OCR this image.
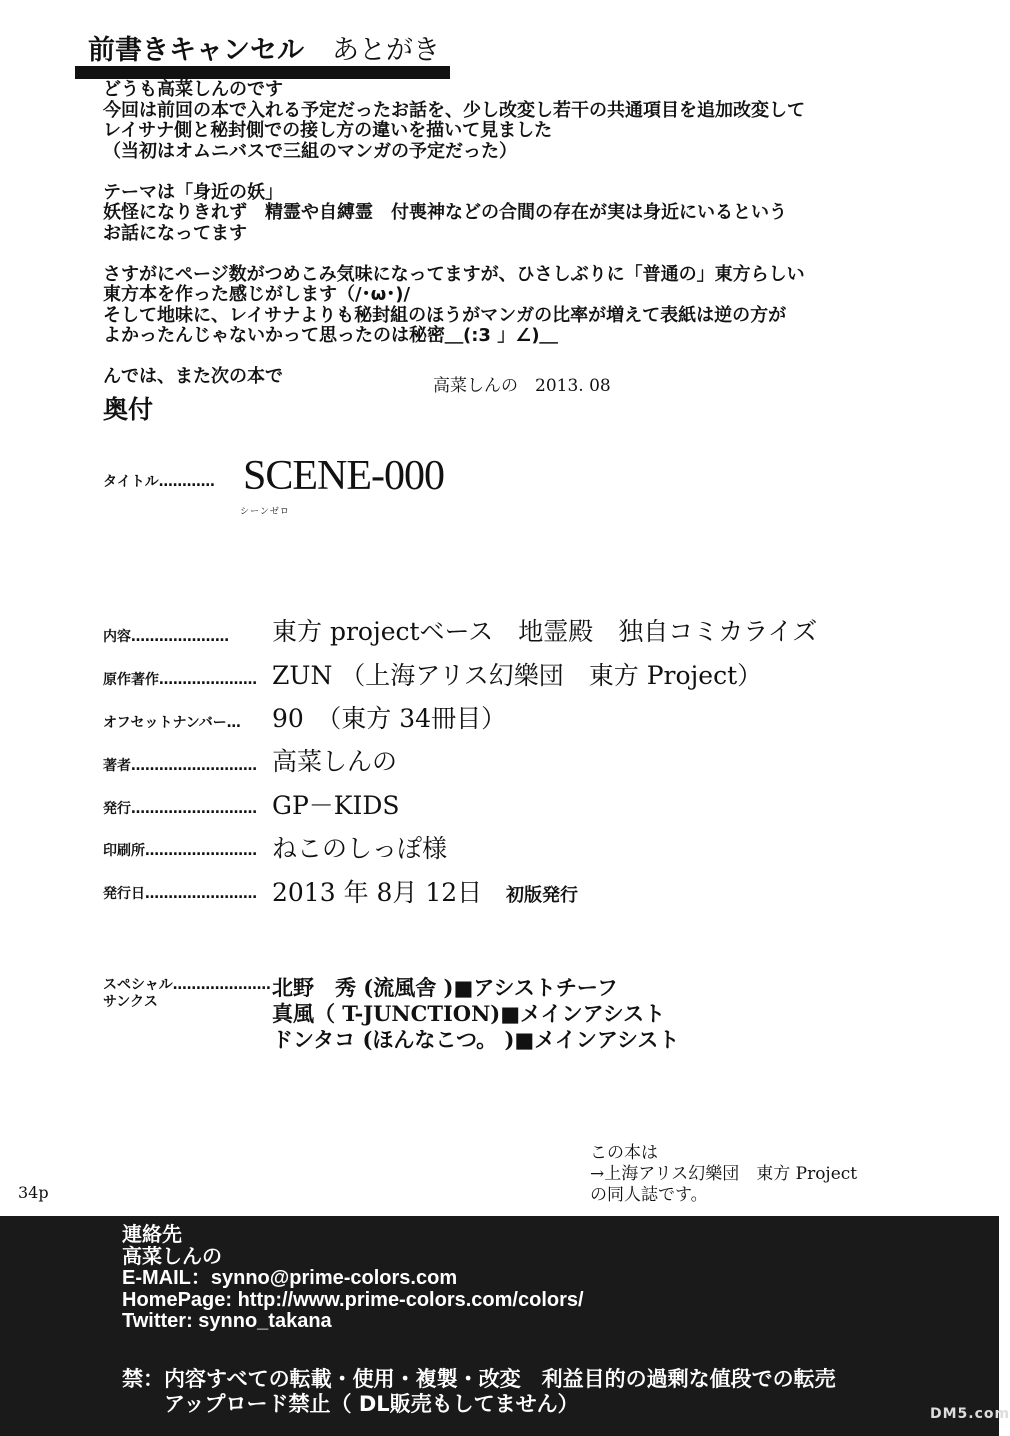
前書きキャンセル あとがき

どうも高菜しんのです

今回は前回の本で入れる予定だったお話を、少し改変し若干の共通項目を追加改変して

レイサナ側と秘封側での接し方の違いを描いて見ました

（当初はオムニバスで三組のマンガの予定だった）

テーマは「身近の妖」

妖怪になりきれず　精霊や自縛霊　付喪神などの合間の存在が実は身近にいるという

お話になってます

さすがにページ数がつめこみ気味になってますが、ひさしぶりに「普通の」東方らしい

東方本を作った感じがします（/･ω･)/

そして地味に、レイサナよりも秘封組のほうがマンガの比率が増えて表紙は逆の方が

よかったんじゃないかって思ったのは秘密＿(:3 」∠)＿

んでは、また次の本で	高菜しんの　2013. 08
奥付
タイトル………… SCENE-000
シーンゼロ
内容………………… 東方 projectベース　地霊殿　独自コミカライズ
原作著作………………… ZUN （上海アリス幻樂団　東方 Project）
オフセットナンバー… 90　（東方 34冊目）
著者……………………… 高菜しんの
発行……………………… GP－KIDS
印刷所…………………… ねこのしっぽ様
発行日…………………… 2013 年 8月 12日 初版発行

スペシャル…………………

サンクス

北野　秀 (流風舎 )■アシストチーフ

真風（ T-JUNCTION)■メインアシスト

ドンタコ (ほんなこつ。 )■メインアシスト

34p

この本は

→上海アリス幻樂団　東方 Project

の同人誌です。

連絡先

高菜しんの

E-MAIL：synno@prime-colors.com

HomePage: http://www.prime-colors.com/colors/

Twitter: synno_takana

禁：内容すべての転載・使用・複製・改変　利益目的の過剰な値段での転売

　　アップロード禁止（ DL販売もしてません）	DM5.com
